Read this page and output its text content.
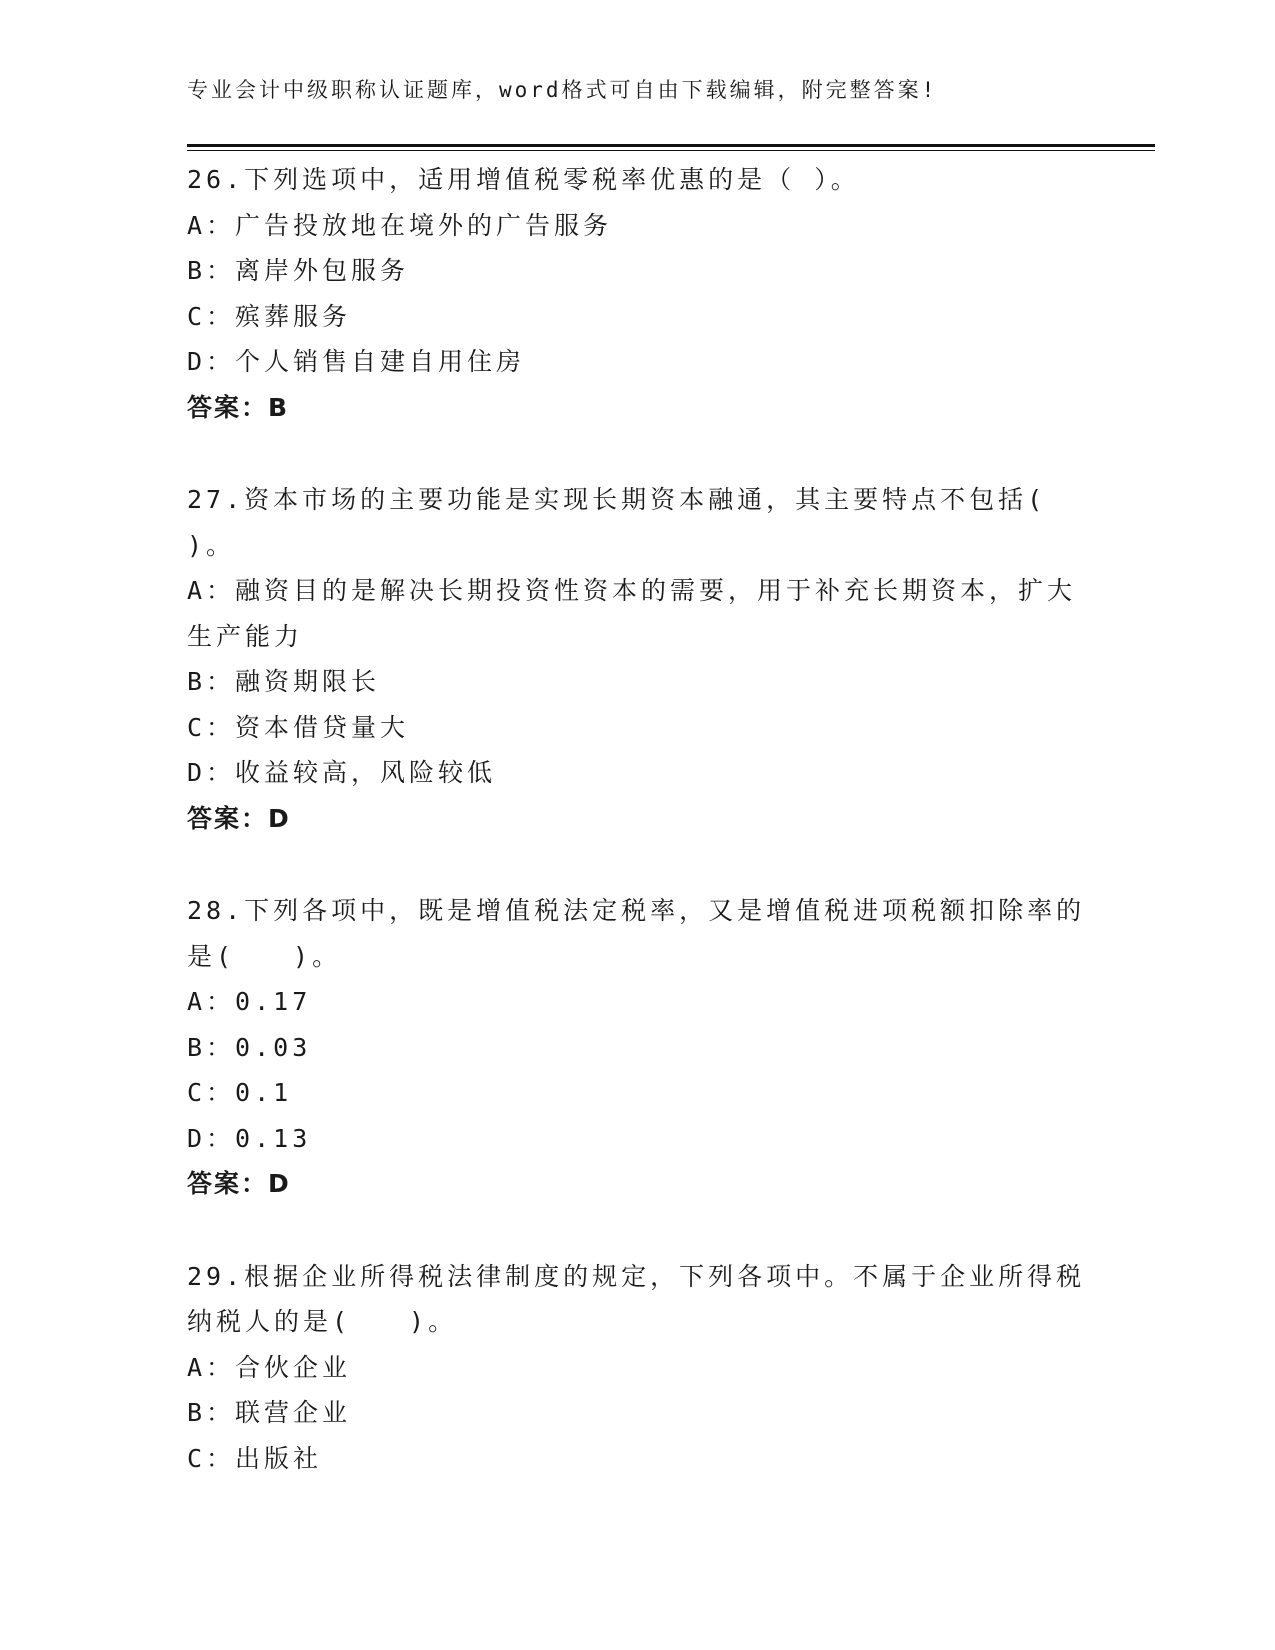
专业会计中级职称认证题库，word格式可自由下载编辑，附完整答案!
26.下列选项中，适用增值税零税率优惠的是（ ）。
A：广告投放地在境外的广告服务
B：离岸外包服务
C：殡葬服务
D：个人销售自建自用住房
答案：B
27.资本市场的主要功能是实现长期资本融通，其主要特点不包括(
)。
A：融资目的是解决长期投资性资本的需要，用于补充长期资本，扩大
生产能力
B：融资期限长
C：资本借贷量大
D：收益较高，风险较低
答案：D
28.下列各项中，既是增值税法定税率，又是增值税进项税额扣除率的
是(　　)。
A：0.17
B：0.03
C：0.1
D：0.13
答案：D
29.根据企业所得税法律制度的规定，下列各项中。不属于企业所得税
纳税人的是(　　)。
A：合伙企业
B：联营企业
C：出版社
